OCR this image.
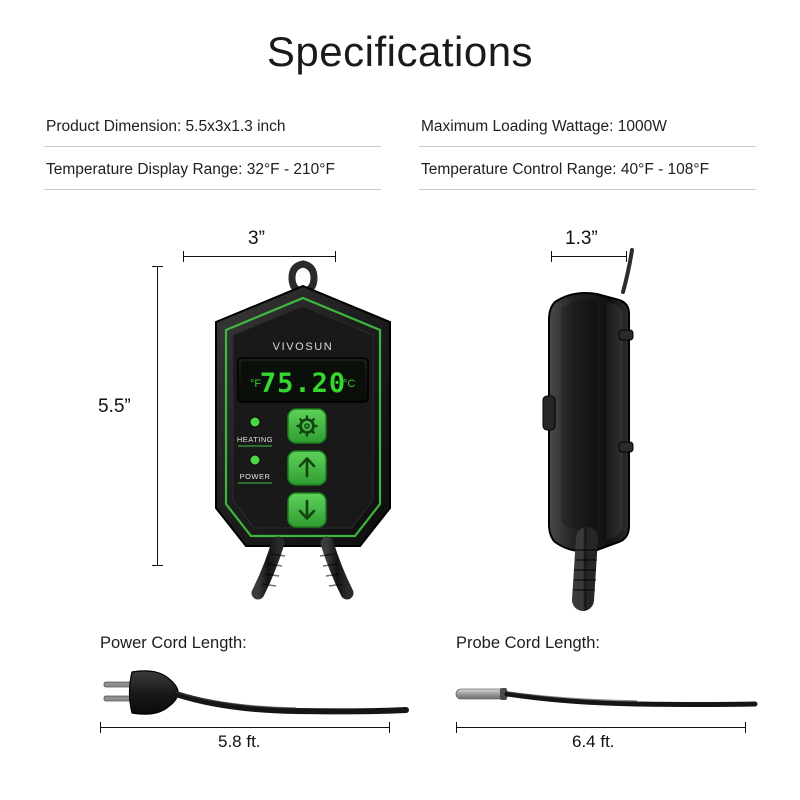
Specifications
Product Dimension: 5.5x3x1.3 inch	Maximum Loading Wattage: 1000W
Temperature Display Range: 32°F - 210°F	Temperature Control Range: 40°F - 108°F
3”
5.5”
VIVOSUN
°F
75.20
°C
HEATING
POWER
1.3”
Power Cord Length:
5.8 ft.
Probe Cord Length:
6.4 ft.
